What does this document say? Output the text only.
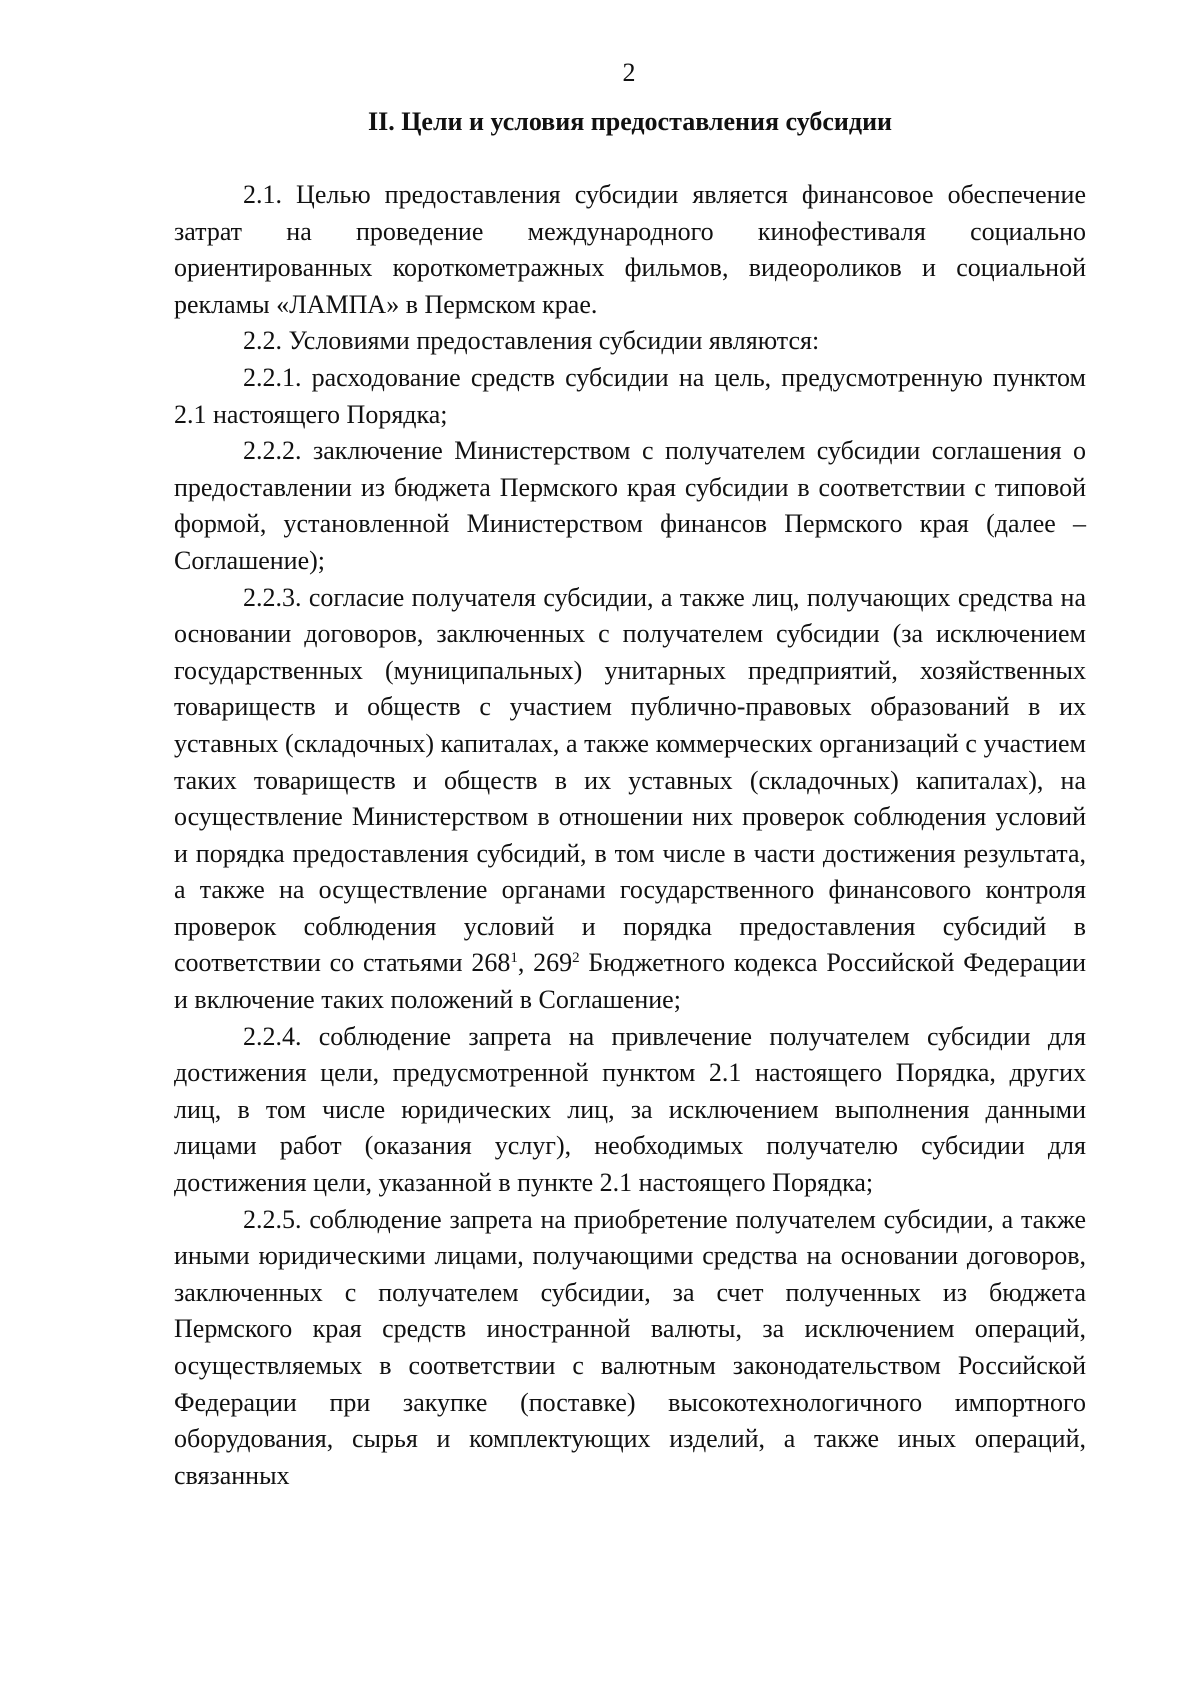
2
II. Цели и условия предоставления субсидии

2.1. Целью предоставления субсидии является финансовое обеспечение затрат на проведение международного кинофестиваля социально ориентированных короткометражных фильмов, видеороликов и социальной рекламы «ЛАМПА» в Пермском крае.

2.2. Условиями предоставления субсидии являются:

2.2.1. расходование средств субсидии на цель, предусмотренную пунктом 2.1 настоящего Порядка;

2.2.2. заключение Министерством с получателем субсидии соглашения о предоставлении из бюджета Пермского края субсидии в соответствии с типовой формой, установленной Министерством финансов Пермского края (далее – Соглашение);

2.2.3. согласие получателя субсидии, а также лиц, получающих средства на основании договоров, заключенных с получателем субсидии (за исключением государственных (муниципальных) унитарных предприятий, хозяйственных товариществ и обществ с участием публично-правовых образований в их уставных (складочных) капиталах, а также коммерческих организаций с участием таких товариществ и обществ в их уставных (складочных) капиталах), на осуществление Министерством в отношении них проверок соблюдения условий и порядка предоставления субсидий, в том числе в части достижения результата, а также на осуществление органами государственного финансового контроля проверок соблюдения условий и порядка предоставления субсидий в соответствии со статьями $268^1$, $269^2$ Бюджетного кодекса Российской Федерации и включение таких положений в Соглашение;

2.2.4. соблюдение запрета на привлечение получателем субсидии для достижения цели, предусмотренной пунктом 2.1 настоящего Порядка, других лиц, в том числе юридических лиц, за исключением выполнения данными лицами работ (оказания услуг), необходимых получателю субсидии для достижения цели, указанной в пункте 2.1 настоящего Порядка;

2.2.5. соблюдение запрета на приобретение получателем субсидии, а также иными юридическими лицами, получающими средства на основании договоров, заключенных с получателем субсидии, за счет полученных из бюджета Пермского края средств иностранной валюты, за исключением операций, осуществляемых в соответствии с валютным законодательством Российской Федерации при закупке (поставке) высокотехнологичного импортного оборудования, сырья и комплектующих изделий, а также иных операций, связанных
